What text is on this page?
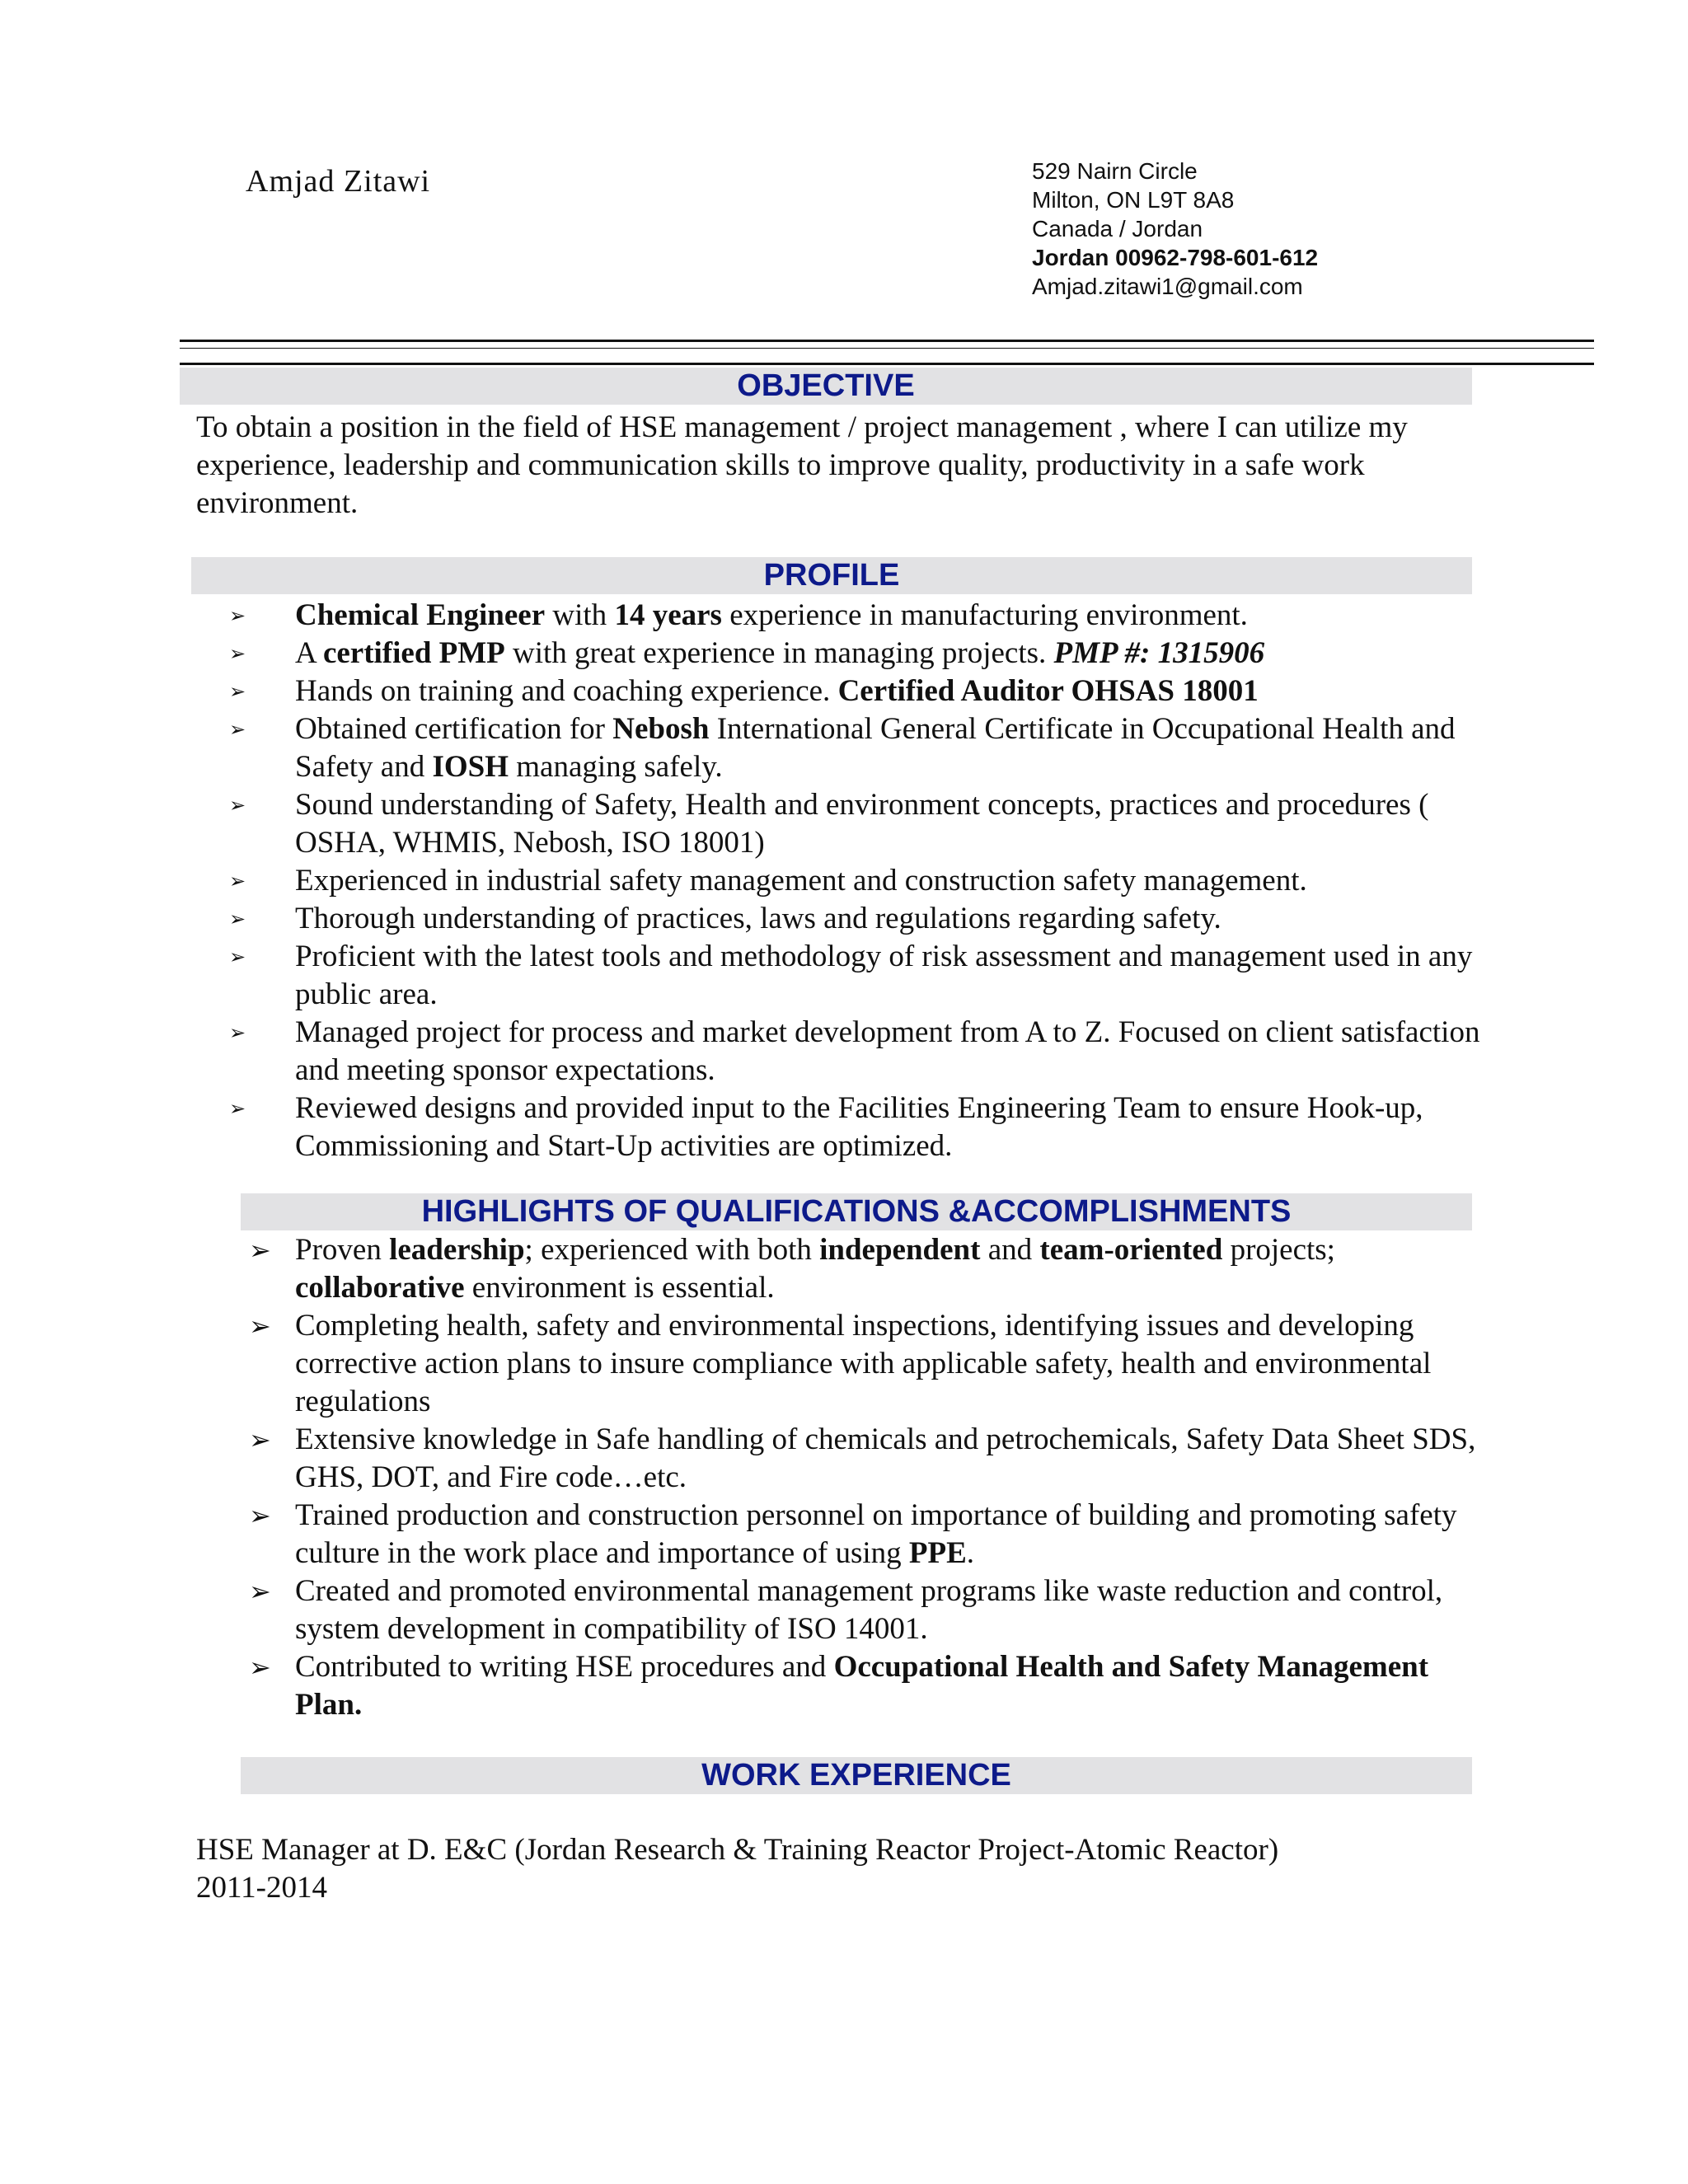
Amjad Zitawi	529 Nairn Circle
Milton, ON L9T 8A8
Canada / Jordan
Jordan 00962-798-601-612
Amjad.zitawi1@gmail.com
OBJECTIVE
To obtain a position in the field of HSE management / project management , where I can utilize my experience, leadership and communication skills to improve quality, productivity in a safe work environment.
PROFILE
➢ Chemical Engineer with 14 years experience in manufacturing environment.
➢ A certified PMP with great experience in managing projects. PMP #: 1315906
➢ Hands on training and coaching experience. Certified Auditor OHSAS 18001
➢ Obtained certification for Nebosh International General Certificate in Occupational Health and Safety and IOSH managing safely.
➢ Sound understanding of Safety, Health and environment concepts, practices and procedures ( OSHA, WHMIS, Nebosh, ISO 18001)
➢ Experienced in industrial safety management and construction safety management.
➢ Thorough understanding of practices, laws and regulations regarding safety.
➢ Proficient with the latest tools and methodology of risk assessment and management used in any public area.
➢ Managed project for process and market development from A to Z. Focused on client satisfaction and meeting sponsor expectations.
➢ Reviewed designs and provided input to the Facilities Engineering Team to ensure Hook-up, Commissioning and Start-Up activities are optimized.
HIGHLIGHTS OF QUALIFICATIONS &ACCOMPLISHMENTS
➢ Proven leadership; experienced with both independent and team-oriented projects; collaborative environment is essential.
➢ Completing health, safety and environmental inspections, identifying issues and developing corrective action plans to insure compliance with applicable safety, health and environmental regulations
➢ Extensive knowledge in Safe handling of chemicals and petrochemicals, Safety Data Sheet SDS, GHS, DOT, and Fire code…etc.
➢ Trained production and construction personnel on importance of building and promoting safety culture in the work place and importance of using PPE.
➢ Created and promoted environmental management programs like waste reduction and control, system development in compatibility of ISO 14001.
➢ Contributed to writing HSE procedures and Occupational Health and Safety Management Plan.
WORK EXPERIENCE
HSE Manager at D. E&C (Jordan Research & Training Reactor Project-Atomic Reactor)
2011-2014
